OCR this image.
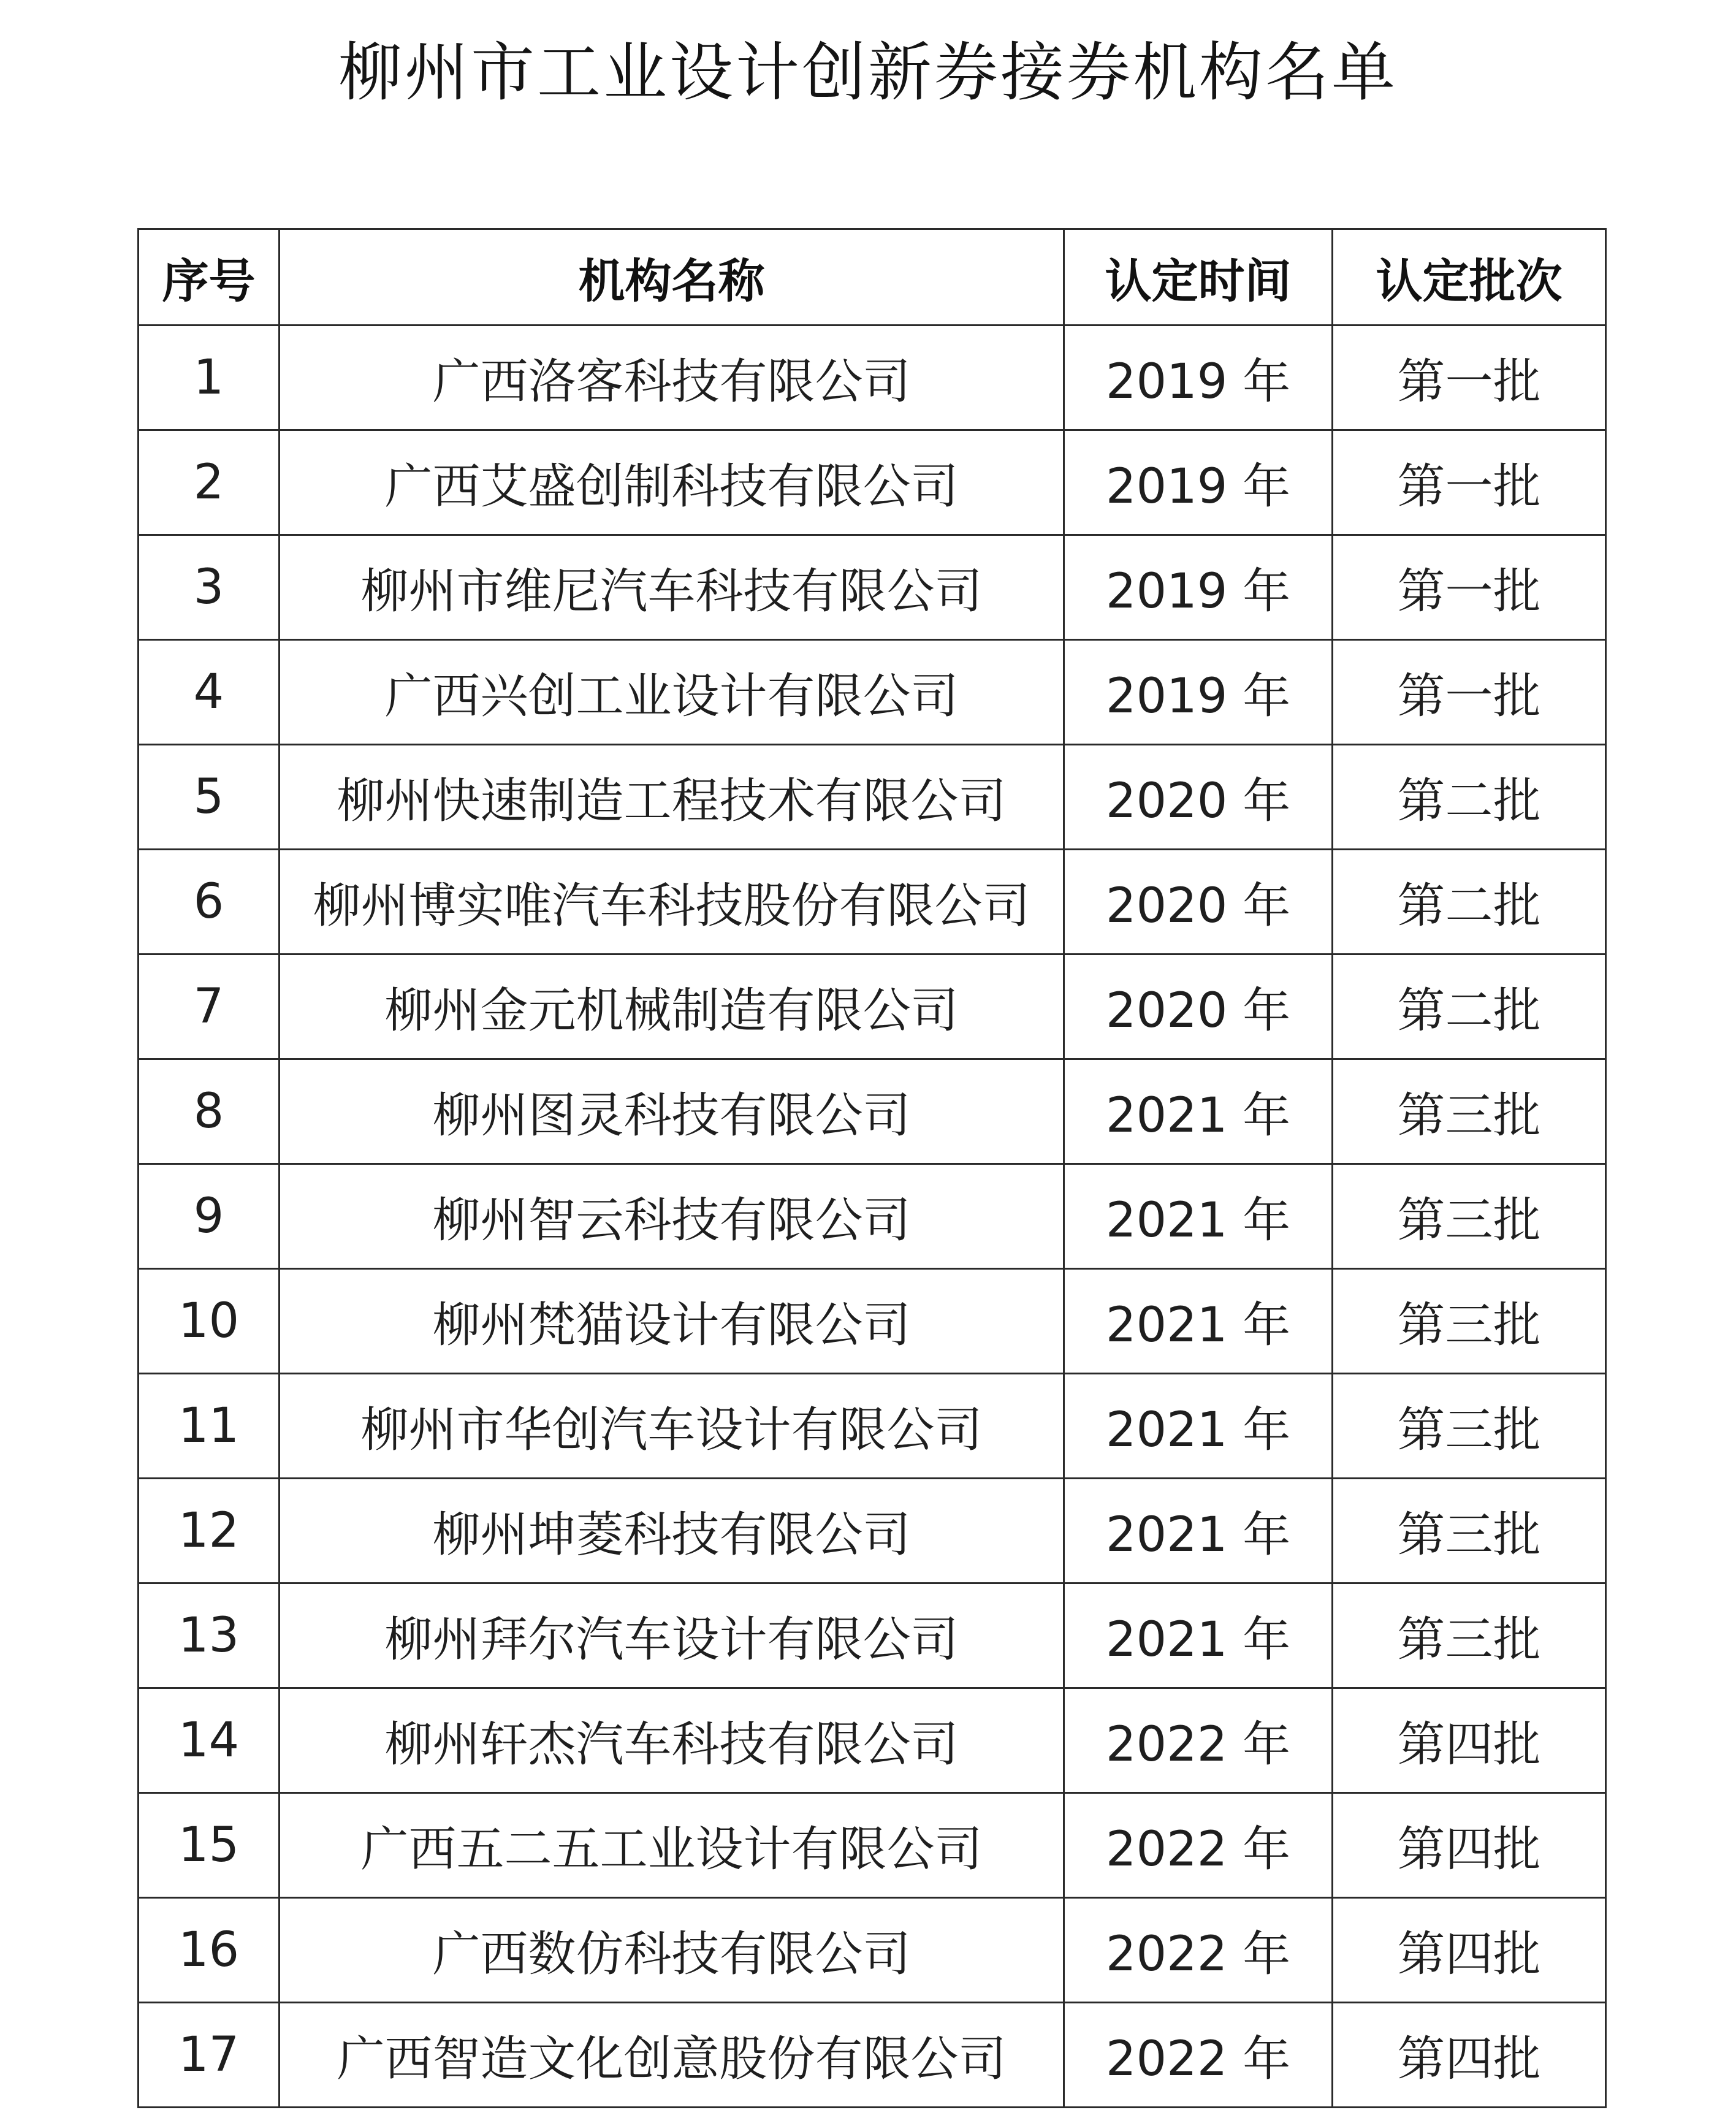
柳州市工业设计创新券接券机构名单
序号	机构名称	认定时间	认定批次
1	广西洛客科技有限公司	2019 年	第一批
2	广西艾盛创制科技有限公司	2019 年	第一批
3	柳州市维尼汽车科技有限公司	2019 年	第一批
4	广西兴创工业设计有限公司	2019 年	第一批
5	柳州快速制造工程技术有限公司	2020 年	第二批
6	柳州博实唯汽车科技股份有限公司	2020 年	第二批
7	柳州金元机械制造有限公司	2020 年	第二批
8	柳州图灵科技有限公司	2021 年	第三批
9	柳州智云科技有限公司	2021 年	第三批
10	柳州梵猫设计有限公司	2021 年	第三批
11	柳州市华创汽车设计有限公司	2021 年	第三批
12	柳州坤菱科技有限公司	2021 年	第三批
13	柳州拜尔汽车设计有限公司	2021 年	第三批
14	柳州轩杰汽车科技有限公司	2022 年	第四批
15	广西五二五工业设计有限公司	2022 年	第四批
16	广西数仿科技有限公司	2022 年	第四批
17	广西智造文化创意股份有限公司	2022 年	第四批
